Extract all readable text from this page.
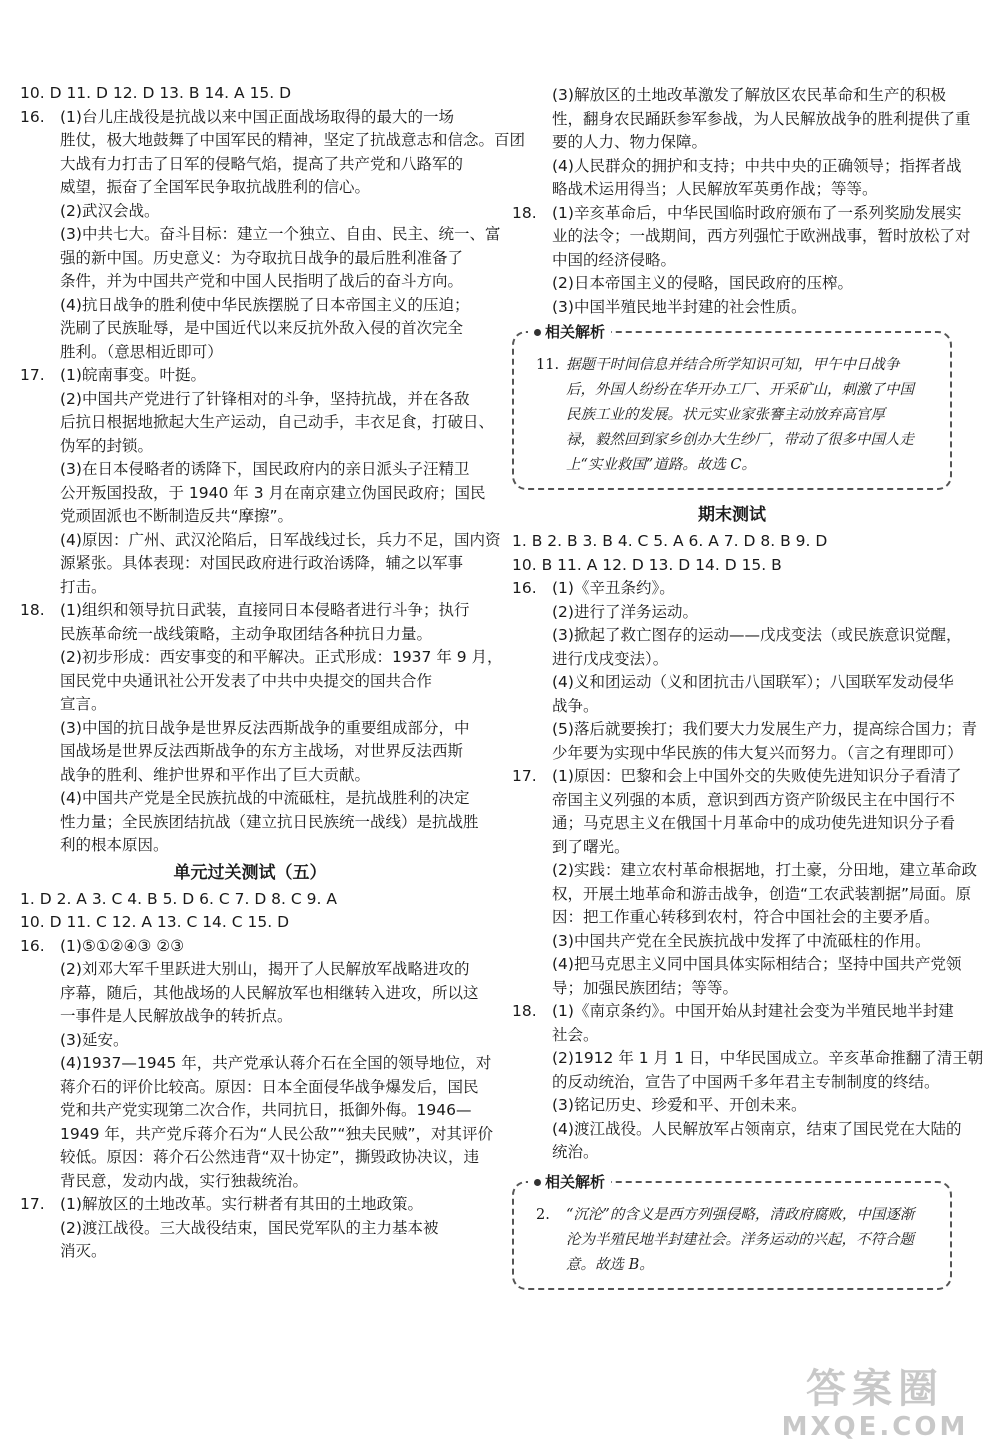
10. D 11. D 12. D 13. B 14. A 15. D
16. (1)台儿庄战役是抗战以来中国正面战场取得的最大的一场
胜仗，极大地鼓舞了中国军民的精神，坚定了抗战意志和信念。百团
大战有力打击了日军的侵略气焰，提高了共产党和八路军的
威望，振奋了全国军民争取抗战胜利的信心。
(2)武汉会战。
(3)中共七大。奋斗目标：建立一个独立、自由、民主、统一、富
强的新中国。历史意义：为夺取抗日战争的最后胜利准备了
条件，并为中国共产党和中国人民指明了战后的奋斗方向。
(4)抗日战争的胜利使中华民族摆脱了日本帝国主义的压迫；
洗刷了民族耻辱，是中国近代以来反抗外敌入侵的首次完全
胜利。（意思相近即可）
17. (1)皖南事变。叶挺。
(2)中国共产党进行了针锋相对的斗争，坚持抗战，并在各敌
后抗日根据地掀起大生产运动，自己动手，丰衣足食，打破日、
伪军的封锁。
(3)在日本侵略者的诱降下，国民政府内的亲日派头子汪精卫
公开叛国投敌，于 1940 年 3 月在南京建立伪国民政府；国民
党顽固派也不断制造反共“摩擦”。
(4)原因：广州、武汉沦陷后，日军战线过长，兵力不足，国内资
源紧张。具体表现：对国民政府进行政治诱降，辅之以军事
打击。
18. (1)组织和领导抗日武装，直接同日本侵略者进行斗争；执行
民族革命统一战线策略，主动争取团结各种抗日力量。
(2)初步形成：西安事变的和平解决。正式形成：1937 年 9 月，
国民党中央通讯社公开发表了中共中央提交的国共合作
宣言。
(3)中国的抗日战争是世界反法西斯战争的重要组成部分，中
国战场是世界反法西斯战争的东方主战场，对世界反法西斯
战争的胜利、维护世界和平作出了巨大贡献。
(4)中国共产党是全民族抗战的中流砥柱，是抗战胜利的决定
性力量；全民族团结抗战（建立抗日民族统一战线）是抗战胜
利的根本原因。
单元过关测试（五）
1. D 2. A 3. C 4. B 5. D 6. C 7. D 8. C 9. A
10. D 11. C 12. A 13. C 14. C 15. D
16. (1)⑤①②④③ ②③
(2)刘邓大军千里跃进大别山，揭开了人民解放军战略进攻的
序幕，随后，其他战场的人民解放军也相继转入进攻，所以这
一事件是人民解放战争的转折点。
(3)延安。
(4)1937—1945 年，共产党承认蒋介石在全国的领导地位，对
蒋介石的评价比较高。原因：日本全面侵华战争爆发后，国民
党和共产党实现第二次合作，共同抗日，抵御外侮。1946—
1949 年，共产党斥蒋介石为“人民公敌”“独夫民贼”，对其评价
较低。原因：蒋介石公然违背“双十协定”，撕毁政协决议，违
背民意，发动内战，实行独裁统治。
17. (1)解放区的土地改革。实行耕者有其田的土地政策。
(2)渡江战役。三大战役结束，国民党军队的主力基本被
消灭。
(3)解放区的土地改革激发了解放区农民革命和生产的积极
性，翻身农民踊跃参军参战，为人民解放战争的胜利提供了重
要的人力、物力保障。
(4)人民群众的拥护和支持；中共中央的正确领导；指挥者战
略战术运用得当；人民解放军英勇作战；等等。
18. (1)辛亥革命后，中华民国临时政府颁布了一系列奖励发展实
业的法令；一战期间，西方列强忙于欧洲战事，暂时放松了对
中国的经济侵略。
(2)日本帝国主义的侵略，国民政府的压榨。
(3)中国半殖民地半封建的社会性质。
相关解析
11. 据题干时间信息并结合所学知识可知，甲午中日战争
后，外国人纷纷在华开办工厂、开采矿山，刺激了中国
民族工业的发展。状元实业家张謇主动放弃高官厚
禄，毅然回到家乡创办大生纱厂，带动了很多中国人走
上“实业救国”道路。故选 C。
期末测试
1. B 2. B 3. B 4. C 5. A 6. A 7. D 8. B 9. D
10. B 11. A 12. D 13. D 14. D 15. B
16. (1)《辛丑条约》。
(2)进行了洋务运动。
(3)掀起了救亡图存的运动——戊戌变法（或民族意识觉醒，
进行戊戌变法）。
(4)义和团运动（义和团抗击八国联军）；八国联军发动侵华
战争。
(5)落后就要挨打；我们要大力发展生产力，提高综合国力；青
少年要为实现中华民族的伟大复兴而努力。（言之有理即可）
17. (1)原因：巴黎和会上中国外交的失败使先进知识分子看清了
帝国主义列强的本质，意识到西方资产阶级民主在中国行不
通；马克思主义在俄国十月革命中的成功使先进知识分子看
到了曙光。
(2)实践：建立农村革命根据地，打土豪，分田地，建立革命政
权，开展土地革命和游击战争，创造“工农武装割据”局面。原
因：把工作重心转移到农村，符合中国社会的主要矛盾。
(3)中国共产党在全民族抗战中发挥了中流砥柱的作用。
(4)把马克思主义同中国具体实际相结合；坚持中国共产党领
导；加强民族团结；等等。
18. (1)《南京条约》。中国开始从封建社会变为半殖民地半封建
社会。
(2)1912 年 1 月 1 日，中华民国成立。辛亥革命推翻了清王朝
的反动统治，宣告了中国两千多年君主专制制度的终结。
(3)铭记历史、珍爱和平、开创未来。
(4)渡江战役。人民解放军占领南京，结束了国民党在大陆的
统治。
相关解析
2. “沉沦”的含义是西方列强侵略，清政府腐败，中国逐渐
沦为半殖民地半封建社会。洋务运动的兴起，不符合题
意。故选 B。
答案圈
MXQE.COM
